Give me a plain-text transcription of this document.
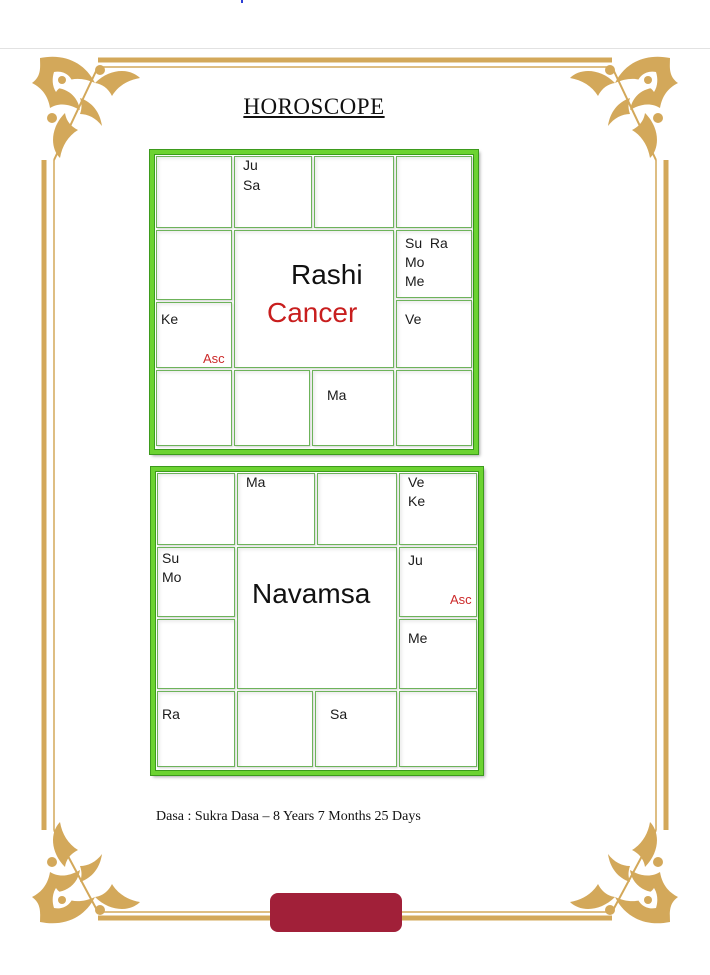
HOROSCOPE
Ju
Sa
Ke
Asc
Rashi
Cancer
Su  Ra
Mo
Me
Ve
Ma
Ma	Ve
Ke
Su
Mo
Navamsa
Ju
Asc
Me
Ra	Sa
Dasa : Sukra Dasa – 8 Years 7 Months 25 Days
